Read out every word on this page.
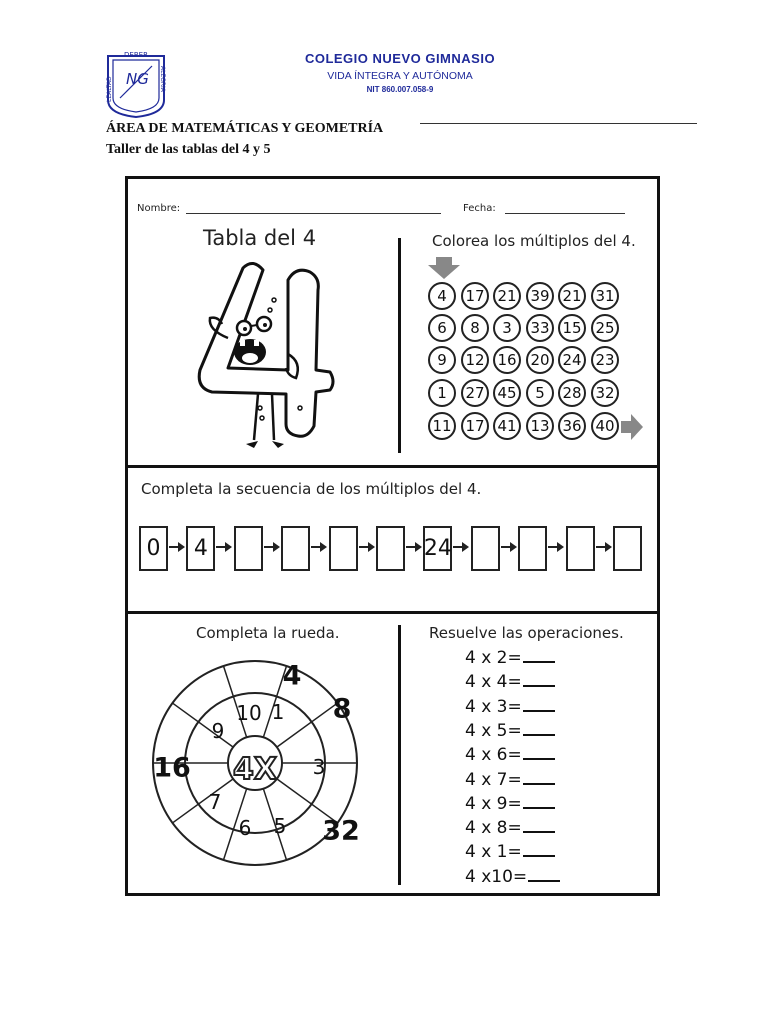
DEBER
LEALTAD	ALEGRIA
NG
COLEGIO NUEVO GIMNASIO
VIDA ÍNTEGRA Y AUTÓNOMA
NIT 860.007.058-9
ÁREA DE MATEMÁTICAS Y GEOMETRÍA
Taller de las tablas del 4 y 5
Nombre:	Fecha:
Tabla del 4	Colorea los múltiplos del 4.
4	17 21 39 21 31
6	8	3	33 15 25
9	12 16 20 24 23
1	27 45	5	28 32
11 17 41 13 36 40
Completa la secuencia de los múltiplos del 4.
0	4	24
Completa la rueda.
4X
10 1
3
5
6
7
9
4
8
16
32
Resuelve las operaciones.
4 x 2=
4 x 4=
4 x 3=
4 x 5=
4 x 6=
4 x 7=
4 x 9=
4 x 8=
4 x 1=
4 x10=
